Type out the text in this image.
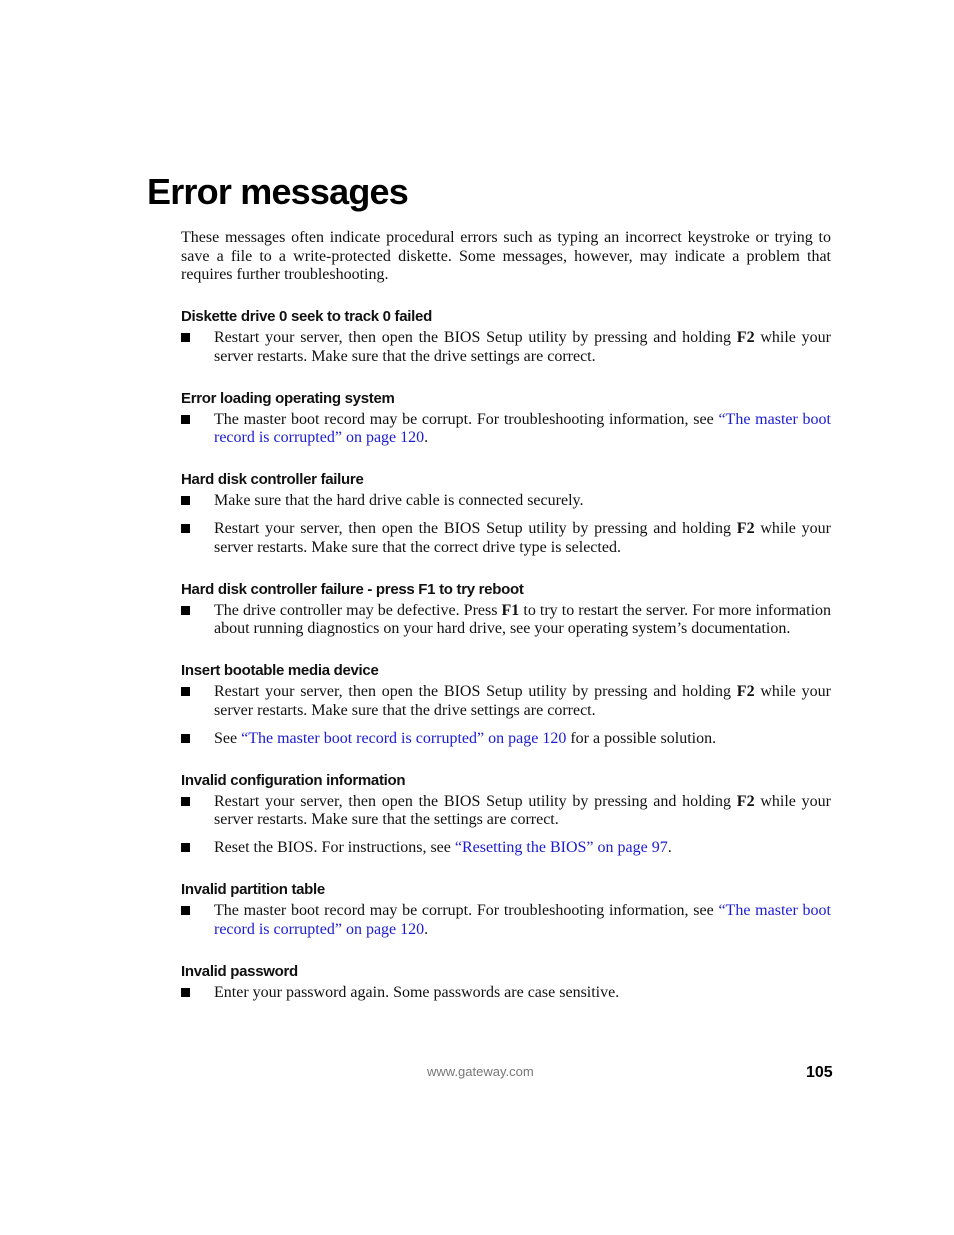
Error messages

These messages often indicate procedural errors such as typing an incorrect keystroke or trying to save a file to a write-protected diskette. Some messages, however, may indicate a problem that requires further troubleshooting.

Diskette drive 0 seek to track 0 failed
Restart your server, then open the BIOS Setup utility by pressing and holding F2 while your server restarts. Make sure that the drive settings are correct.
Error loading operating system
The master boot record may be corrupt. For troubleshooting information, see “The master boot record is corrupted” on page 120.
Hard disk controller failure
Make sure that the hard drive cable is connected securely.
Restart your server, then open the BIOS Setup utility by pressing and holding F2 while your server restarts. Make sure that the correct drive type is selected.
Hard disk controller failure - press F1 to try reboot
The drive controller may be defective. Press F1 to try to restart the server. For more information about running diagnostics on your hard drive, see your operating system’s documentation.
Insert bootable media device
Restart your server, then open the BIOS Setup utility by pressing and holding F2 while your server restarts. Make sure that the drive settings are correct.
See “The master boot record is corrupted” on page 120 for a possible solution.
Invalid configuration information
Restart your server, then open the BIOS Setup utility by pressing and holding F2 while your server restarts. Make sure that the settings are correct.
Reset the BIOS. For instructions, see “Resetting the BIOS” on page 97.
Invalid partition table
The master boot record may be corrupt. For troubleshooting information, see “The master boot record is corrupted” on page 120.
Invalid password
Enter your password again. Some passwords are case sensitive.
www.gateway.com	105
